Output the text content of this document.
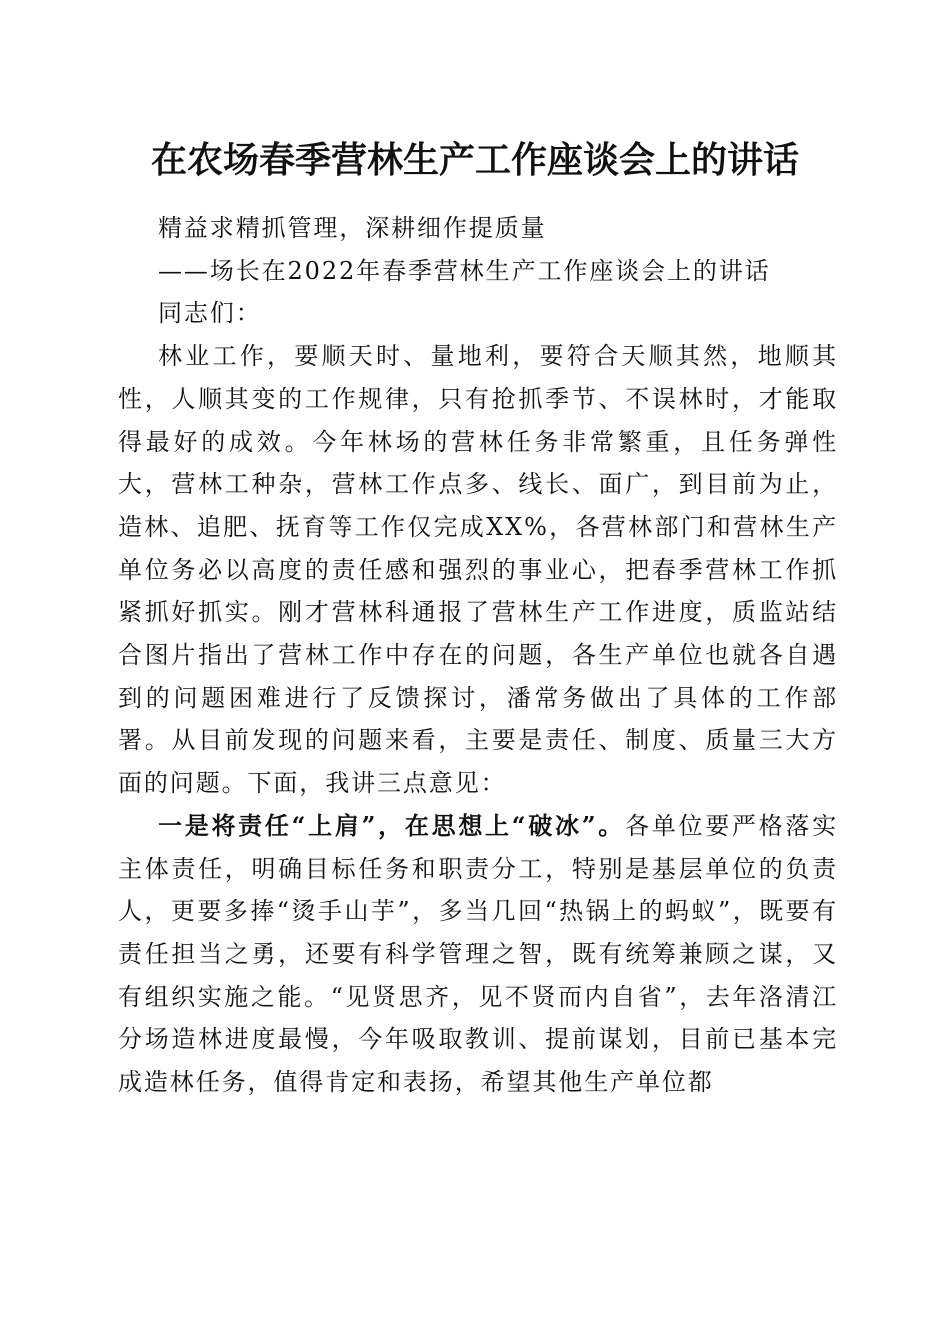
在农场春季营林生产工作座谈会上的讲话

精益求精抓管理，深耕细作提质量

——场长在2022年春季营林生产工作座谈会上的讲话

同志们：

林业工作，要顺天时、量地利，要符合天顺其然，地顺其性，人顺其变的工作规律，只有抢抓季节、不误林时，才能取得最好的成效。今年林场的营林任务非常繁重，且任务弹性大，营林工种杂，营林工作点多、线长、面广，到目前为止，造林、追肥、抚育等工作仅完成XX%，各营林部门和营林生产单位务必以高度的责任感和强烈的事业心，把春季营林工作抓紧抓好抓实。刚才营林科通报了营林生产工作进度，质监站结合图片指出了营林工作中存在的问题，各生产单位也就各自遇到的问题困难进行了反馈探讨，潘常务做出了具体的工作部署。从目前发现的问题来看，主要是责任、制度、质量三大方面的问题。下面，我讲三点意见：

一是将责任“上肩”，在思想上“破冰”。各单位要严格落实主体责任，明确目标任务和职责分工，特别是基层单位的负责人，更要多捧“烫手山芋”，多当几回“热锅上的蚂蚁”，既要有责任担当之勇，还要有科学管理之智，既有统筹兼顾之谋，又有组织实施之能。“见贤思齐，见不贤而内自省”，去年洛清江分场造林进度最慢，今年吸取教训、提前谋划，目前已基本完成造林任务，值得肯定和表扬，希望其他生产单位都
